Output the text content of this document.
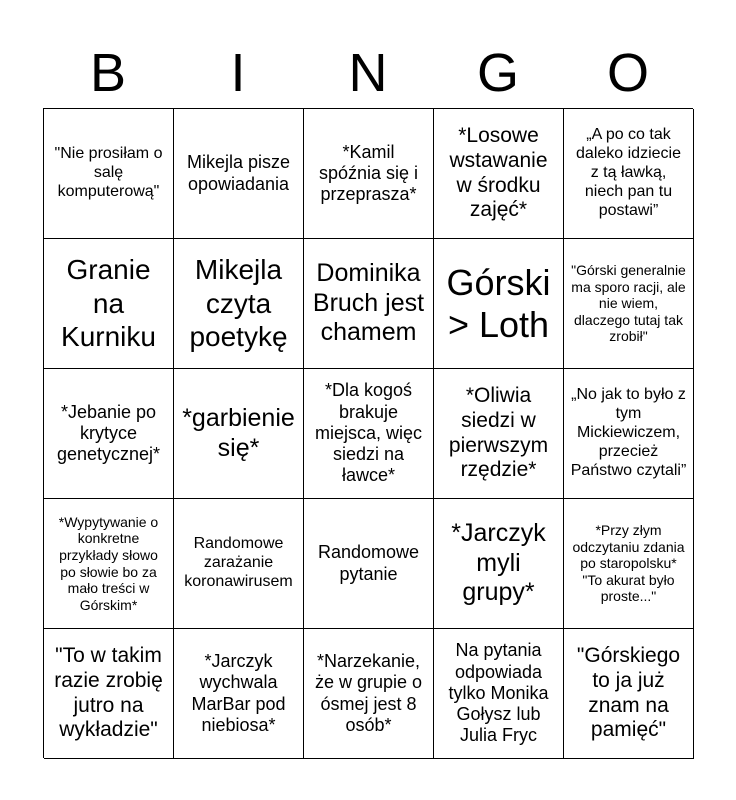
B	I	N	G	O
"Nie prosiłam o salę komputerową"
Mikejla pisze opowiadania
*Kamil spóźnia się i przeprasza*
*Losowe wstawanie w środku zajęć*
„A po co tak daleko idziecie z tą ławką, niech pan tu postawi”
Granie na Kurniku
Mikejla czyta poetykę
Dominika Bruch jest chamem
Górski > Loth
"Górski generalnie ma sporo racji, ale nie wiem, dlaczego tutaj tak zrobił"
*Jebanie po krytyce genetycznej*
*garbienie się*
*Dla kogoś brakuje miejsca, więc siedzi na ławce*
*Oliwia siedzi w pierwszym rzędzie*
„No jak to było z tym Mickiewiczem, przecież Państwo czytali”
*Wypytywanie o konkretne przykłady słowo po słowie bo za mało treści w Górskim*
Randomowe zarażanie koronawirusem
Randomowe pytanie
*Jarczyk myli grupy*
*Przy złym odczytaniu zdania po staropolsku* "To akurat było proste..."
"To w takim razie zrobię jutro na wykładzie"
*Jarczyk wychwala MarBar pod niebiosa*
*Narzekanie, że w grupie o ósmej jest 8 osób*
Na pytania odpowiada tylko Monika Gołysz lub Julia Fryc
"Górskiego to ja już znam na pamięć"
